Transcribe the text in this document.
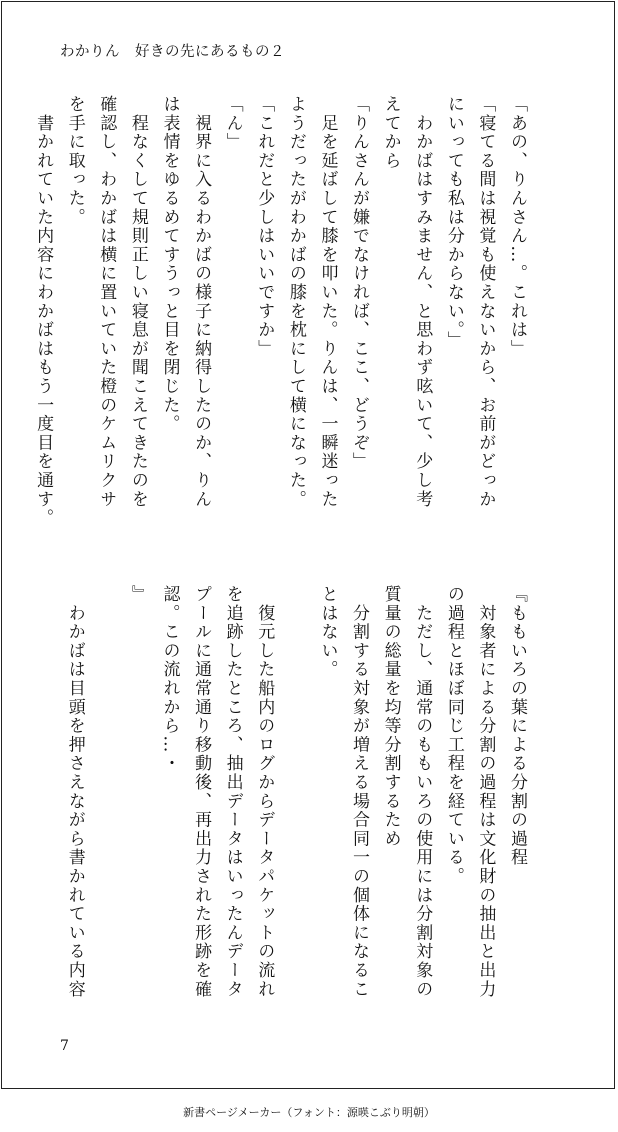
わかりん　好きの先にあるもの２
「あの、りんさん…。これは」
「寝てる間は視覚も使えないから、お前がどっか
にいっても私は分からない。」
　わかばはすみません、と思わず呟いて、少し考
えてから
「りんさんが嫌でなければ、ここ、どうぞ」
　足を延ばして膝を叩いた。りんは、一瞬迷った
ようだったがわかばの膝を枕にして横になった。
「これだと少しはいいですか」
「ん」
　視界に入るわかばの様子に納得したのか、りん
は表情をゆるめてすうっと目を閉じた。
　程なくして規則正しい寝息が聞こえてきたのを
確認し、わかばは横に置いていた橙のケムリクサ
を手に取った。
　書かれていた内容にわかばはもう一度目を通す。
『ももいろの葉による分割の過程
　対象者による分割の過程は文化財の抽出と出力
の過程とほぼ同じ工程を経ている。
　ただし、通常のももいろの使用には分割対象の
質量の総量を均等分割するため
　分割する対象が増える場合同一の個体になるこ
とはない。

　復元した船内のログからデータパケットの流れ
を追跡したところ、抽出データはいったんデータ
プールに通常通り移動後、再出力された形跡を確
認。この流れから…・
』

　わかばは目頭を押さえながら書かれている内容
7
新書ページメーカー（フォント：源暎こぶり明朝）
